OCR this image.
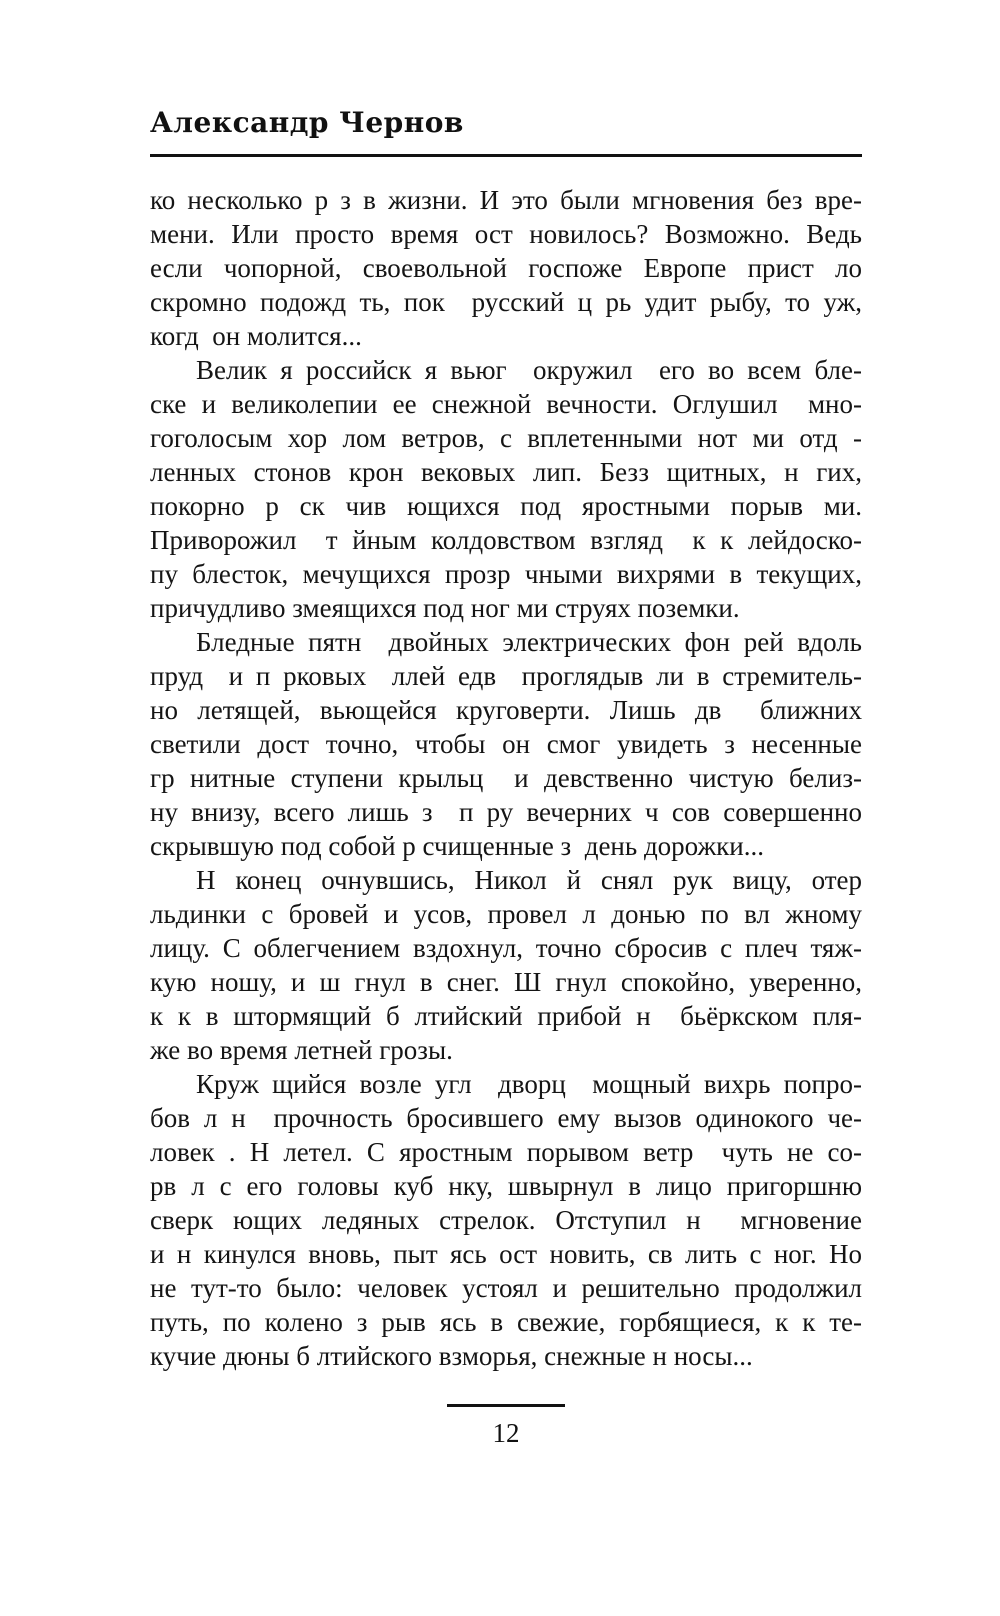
Александр Чернов
ко несколько р з в жизни. И это были мгновения без вре-
мени. Или просто время ост новилось? Возможно. Ведь
если чопорной, своевольной госпоже Европе прист ло
скромно подожд ть, пок  русский ц рь удит рыбу, то уж,
когд  он молится...
Велик я российск я вьюг  окружил  его во всем бле-
ске и великолепии ее снежной вечности. Оглушил  мно-
гоголосым хор лом ветров, с вплетенными нот ми отд -
ленных стонов крон вековых лип. Безз щитных, н гих,
покорно р ск чив ющихся под яростными порыв ми.
Приворожил  т йным колдовством взгляд  к к лейдоско-
пу блесток, мечущихся прозр чными вихрями в текущих,
причудливо змеящихся под ног ми струях поземки.
Бледные пятн  двойных электрических фон рей вдоль
пруд  и п рковых  ллей едв  проглядыв ли в стремитель-
но летящей, вьющейся круговерти. Лишь дв  ближних
светили дост точно, чтобы он смог увидеть з несенные
гр нитные ступени крыльц  и девственно чистую белиз-
ну внизу, всего лишь з  п ру вечерних ч сов совершенно
скрывшую под собой р счищенные з  день дорожки...
Н конец очнувшись, Никол й снял рук вицу, отер
льдинки с бровей и усов, провел л донью по вл жному
лицу. С облегчением вздохнул, точно сбросив с плеч тяж-
кую ношу, и ш гнул в снег. Ш гнул спокойно, уверенно,
к к в штормящий б лтийский прибой н  бьёркском пля-
же во время летней грозы.
Круж щийся возле угл  дворц  мощный вихрь попро-
бов л н  прочность бросившего ему вызов одинокого че-
ловек . Н летел. С яростным порывом ветр  чуть не со-
рв л с его головы куб нку, швырнул в лицо пригоршню
сверк ющих ледяных стрелок. Отступил н  мгновение
и н кинулся вновь, пыт ясь ост новить, св лить с ног. Но
не тут-то было: человек устоял и решительно продолжил
путь, по колено з рыв ясь в свежие, горбящиеся, к к те-
кучие дюны б лтийского взморья, снежные н носы...
12
